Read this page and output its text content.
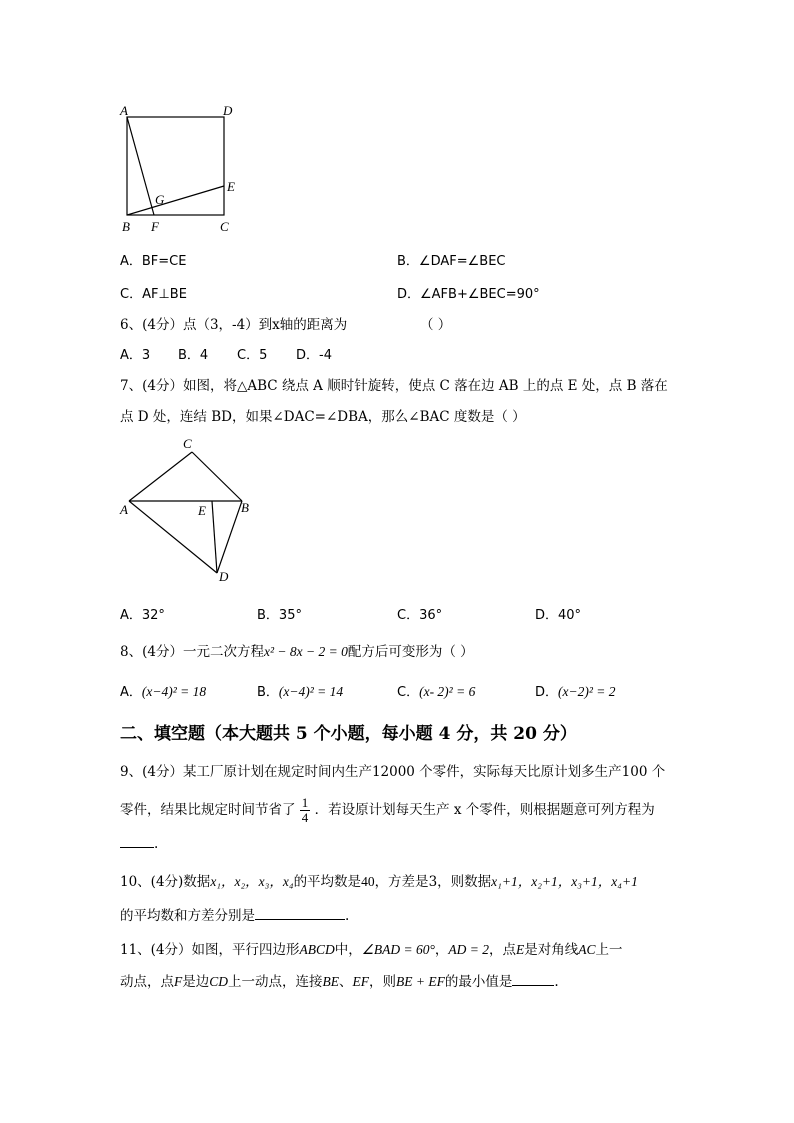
A	D
E
G
B F	C
A．BF=CE	B．∠DAF=∠BEC
C．AF⊥BE	D．∠AFB+∠BEC=90°
6、(4分）点（3，-4）到x轴的距离为	（ ）
A．3 B．4 C．5 D．-4
7、(4分）如图，将△ABC 绕点 A 顺时针旋转，使点 C 落在边 AB 上的点 E 处，点 B 落在
点 D 处，连结 BD，如果∠DAC=∠DBA，那么∠BAC 度数是（ ）
C
A	E	B
D
A．32°	B．35°	C．36°	D．40°
8、(4分）一元二次方程x² − 8x − 2 = 0配方后可变形为（ ）
A．(x−4)² = 18	B．(x−4)² = 14	C．(x- 2)² = 6	D．(x−2)² = 2
二、填空题（本大题共 5 个小题，每小题 4 分，共 20 分）
9、(4分）某工厂原计划在规定时间内生产12000 个零件，实际每天比原计划多生产100 个
零件，结果比规定时间节省了 $\frac{1}{4}$ ．若设原计划每天生产 x 个零件，则根据题意可列方程为
.
10、(4分)数据x₁，x₂，x₃，x₄的平均数是40，方差是3，则数据x₁+1，x₂+1，x₃+1，x₄+1
的平均数和方差分别是	.
11、(4分）如图，平行四边形ABCD中，∠BAD = 60°，AD = 2，点E是对角线AC上一
动点，点F是边CD上一动点，连接BE、EF，则BE + EF的最小值是	.
